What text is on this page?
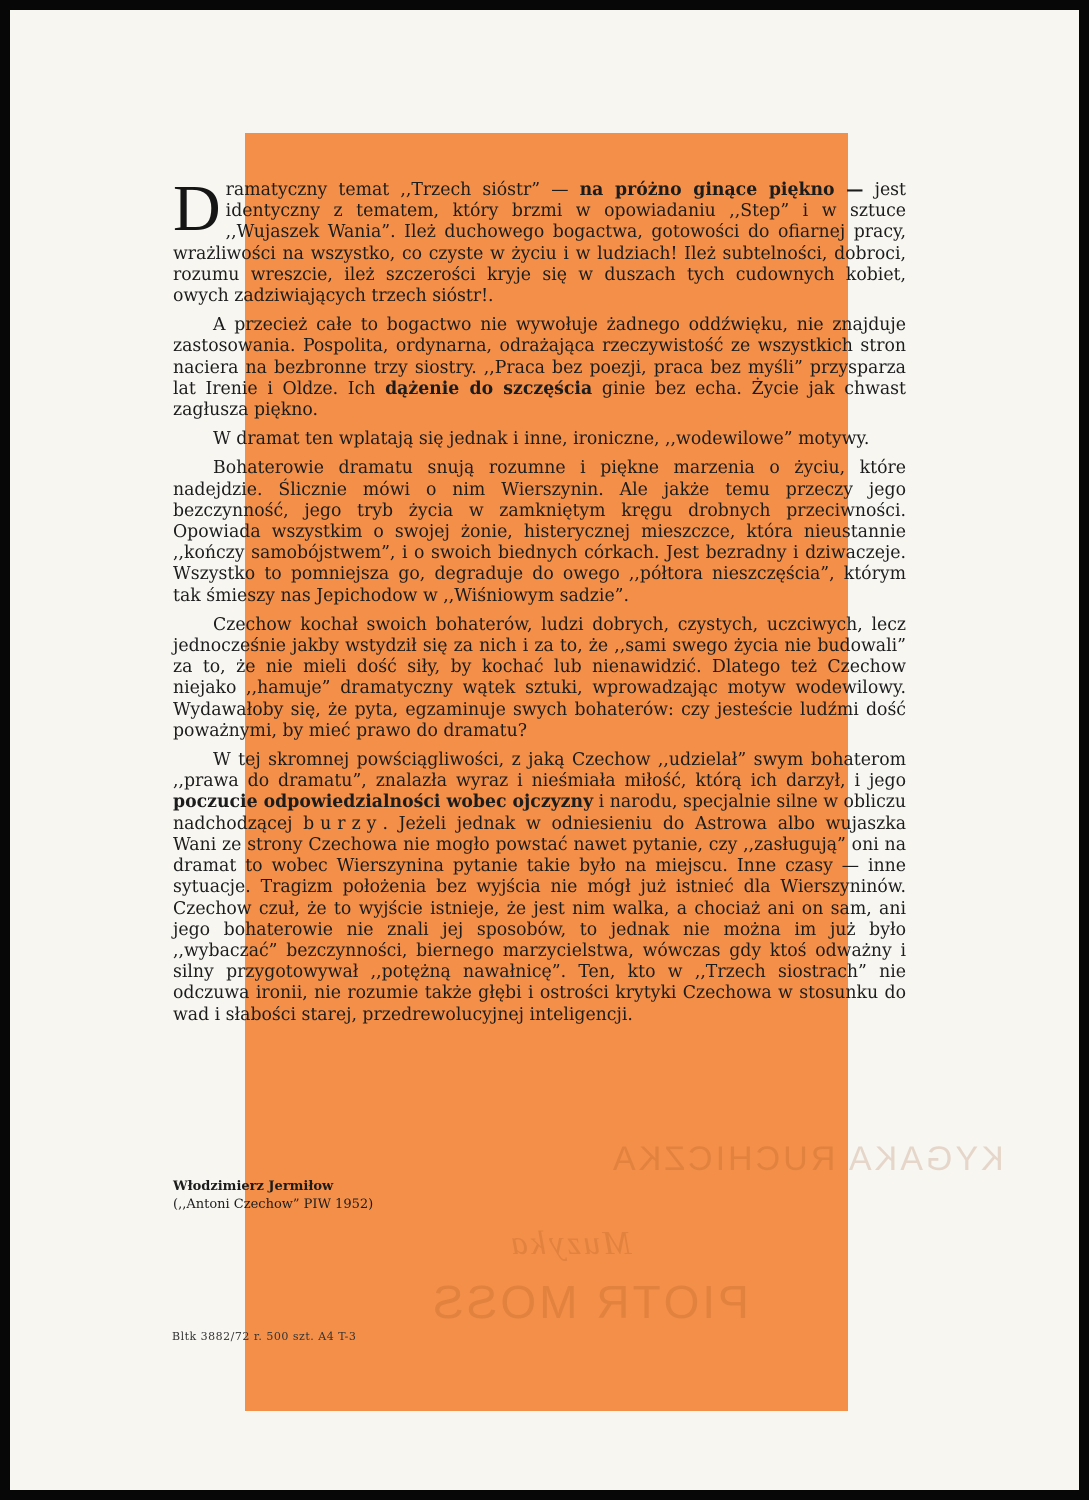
KYGAKA RUCHICZKA
Muzyka
PIOTR MOSS

Dramatyczny temat ,,Trzech sióstr” — na próżno ginące piękno — jest identyczny z tematem, który brzmi w opowiadaniu ,,Step” i w sztuce ,,Wujaszek Wania”. Ileż duchowego bogactwa, gotowości do ofiarnej pracy, wrażliwości na wszystko, co czyste w życiu i w ludziach! Ileż subtelności, dobroci, rozumu wreszcie, ileż szczerości kryje się w duszach tych cudownych kobiet, owych zadziwiających trzech sióstr!.

A przecież całe to bogactwo nie wywołuje żadnego oddźwięku, nie znajduje zastosowania. Pospolita, ordynarna, odrażająca rzeczywistość ze wszystkich stron naciera na bezbronne trzy siostry. ,,Praca bez poezji, praca bez myśli” przysparza lat Irenie i Oldze. Ich dążenie do szczęścia ginie bez echa. Życie jak chwast zagłusza piękno.

W dramat ten wplatają się jednak i inne, ironiczne, ,,wodewilowe” motywy.

Bohaterowie dramatu snują rozumne i piękne marzenia o życiu, które nadejdzie. Ślicznie mówi o nim Wierszynin. Ale jakże temu przeczy jego bezczynność, jego tryb życia w zamkniętym kręgu drobnych przeciwności. Opowiada wszystkim o swojej żonie, histerycznej mieszczce, która nieustannie ,,kończy samobójstwem”, i o swoich biednych córkach. Jest bezradny i dziwaczeje. Wszystko to pomniejsza go, degraduje do owego ,,półtora nieszczęścia”, którym tak śmieszy nas Jepichodow w ,,Wiśniowym sadzie”.

Czechow kochał swoich bohaterów, ludzi dobrych, czystych, uczciwych, lecz jednocześnie jakby wstydził się za nich i za to, że ,,sami swego życia nie budowali” za to, że nie mieli dość siły, by kochać lub nienawidzić. Dlatego też Czechow niejako ,,hamuje” dramatyczny wątek sztuki, wprowadzając motyw wodewilowy. Wydawałoby się, że pyta, egzaminuje swych bohaterów: czy jesteście ludźmi dość poważnymi, by mieć prawo do dramatu?

W tej skromnej powściągliwości, z jaką Czechow ,,udzielał” swym bohaterom ,,prawa do dramatu”, znalazła wyraz i nieśmiała miłość, którą ich darzył, i jego poczucie odpowiedzialności wobec ojczyzny i narodu, specjalnie silne w obliczu nadchodzącej burzy. Jeżeli jednak w odniesieniu do Astrowa albo wujaszka Wani ze strony Czechowa nie mogło powstać nawet pytanie, czy ,,zasługują” oni na dramat to wobec Wierszynina pytanie takie było na miejscu. Inne czasy — inne sytuacje. Tragizm położenia bez wyjścia nie mógł już istnieć dla Wierszyninów. Czechow czuł, że to wyjście istnieje, że jest nim walka, a chociaż ani on sam, ani jego bohaterowie nie znali jej sposobów, to jednak nie można im już było ,,wybaczać” bezczynności, biernego marzycielstwa, wówczas gdy ktoś odważny i silny przygotowywał ,,potężną nawałnicę”. Ten, kto w ,,Trzech siostrach” nie odczuwa ironii, nie rozumie także głębi i ostrości krytyki Czechowa w stosunku do wad i słabości starej, przedrewolucyjnej inteligencji.

Włodzimierz Jermiłow
(,,Antoni Czechow” PIW 1952)
Bltk 3882/72 r. 500 szt. A4 T-3
